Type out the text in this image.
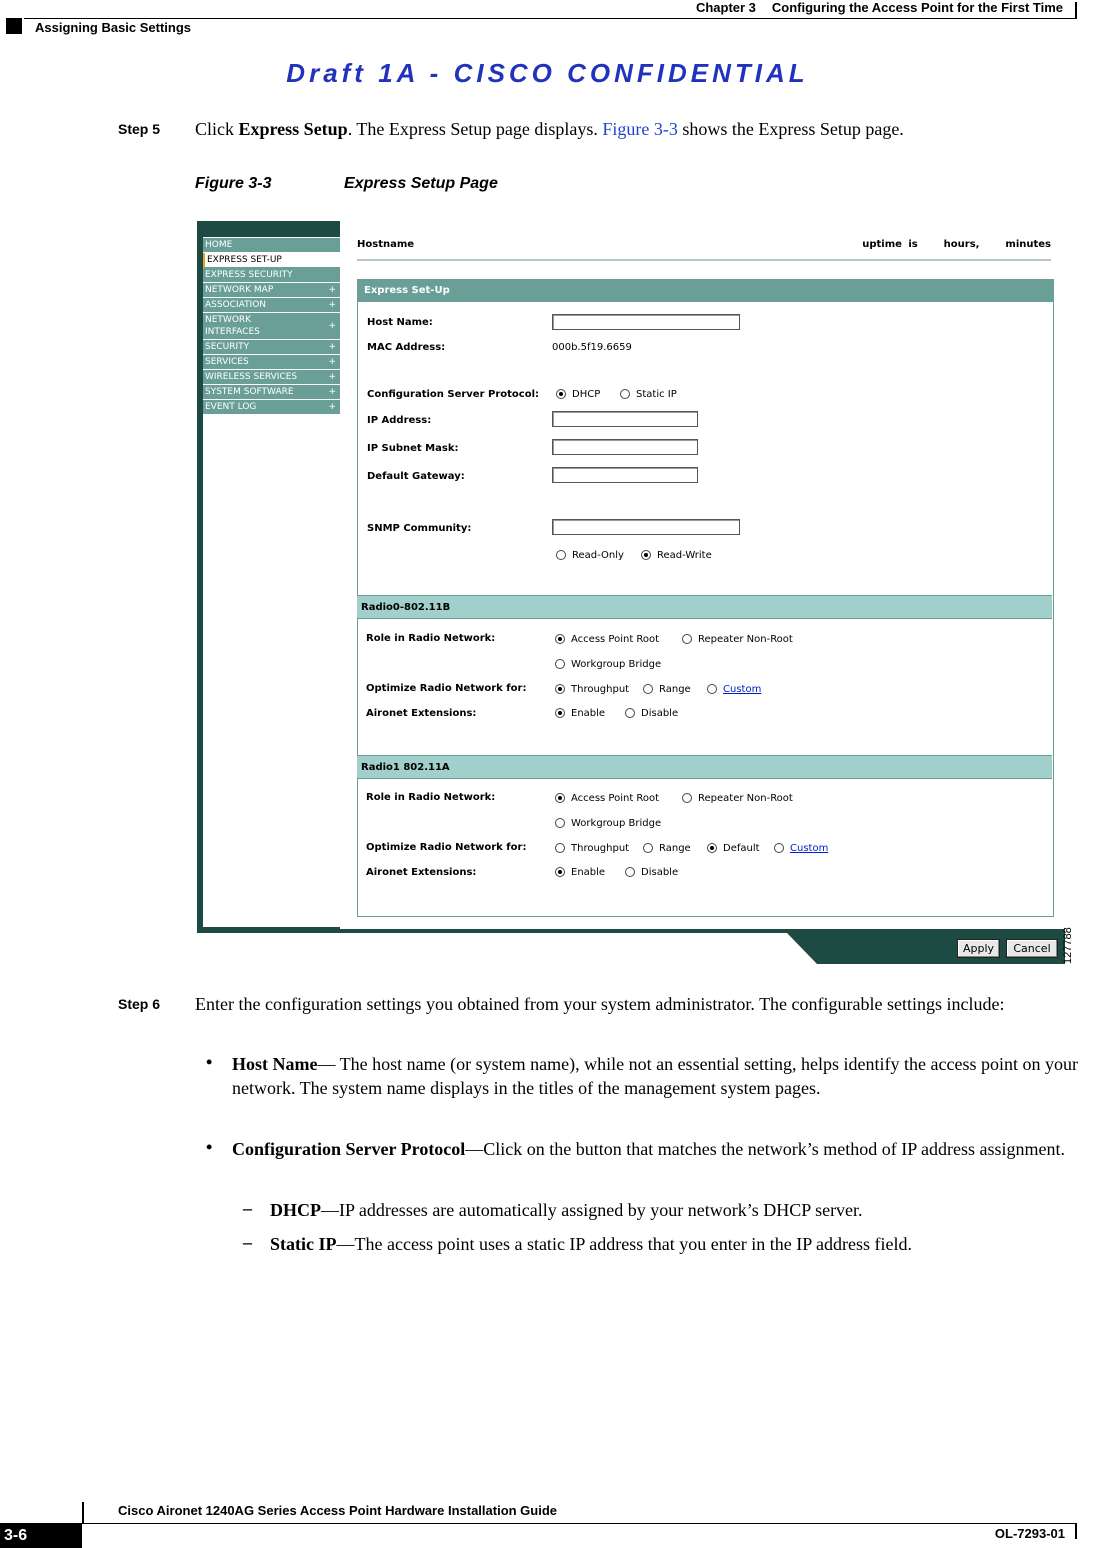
Chapter 3 Configuring the Access Point for the First Time
Assigning Basic Settings
Draft 1A - CISCO CONFIDENTIAL
Step 5 Click Express Setup. The Express Setup page displays. Figure 3-3 shows the Express Setup page.
Figure 3-3	Express Setup Page
HOME
EXPRESS SET-UP
EXPRESS SECURITY
NETWORK MAP	+
ASSOCIATION	+
NETWORK
INTERFACES
+
SECURITY	+
SERVICES	+
WIRELESS SERVICES	+
SYSTEM SOFTWARE	+
EVENT LOG	+
Hostname	uptime is    hours,    minutes
Express Set-Up
Host Name:
MAC Address:	000b.5f19.6659
Configuration Server Protocol:	DHCP	Static IP
IP Address:
IP Subnet Mask:
Default Gateway:
SNMP Community:
Read-Only	Read-Write
Radio0-802.11B
Role in Radio Network:	Access Point Root	Repeater Non-Root
Workgroup Bridge
Optimize Radio Network for:	Throughput	Range	Custom
Aironet Extensions:	Enable	Disable
Radio1 802.11A
Role in Radio Network:	Access Point Root	Repeater Non-Root
Workgroup Bridge
Optimize Radio Network for:	Throughput	Range	Default	Custom
Aironet Extensions:	Enable	Disable
Apply	Cancel	127788
Step 6 Enter the configuration settings you obtained from your system administrator. The configurable settings include:
• Host Name— The host name (or system name), while not an essential setting, helps identify the access point on your network. The system name displays in the titles of the management system pages.
• Configuration Server Protocol—Click on the button that matches the network’s method of IP address assignment.
– DHCP—IP addresses are automatically assigned by your network’s DHCP server.
– Static IP—The access point uses a static IP address that you enter in the IP address field.
Cisco Aironet 1240AG Series Access Point Hardware Installation Guide
3-6	OL-7293-01
